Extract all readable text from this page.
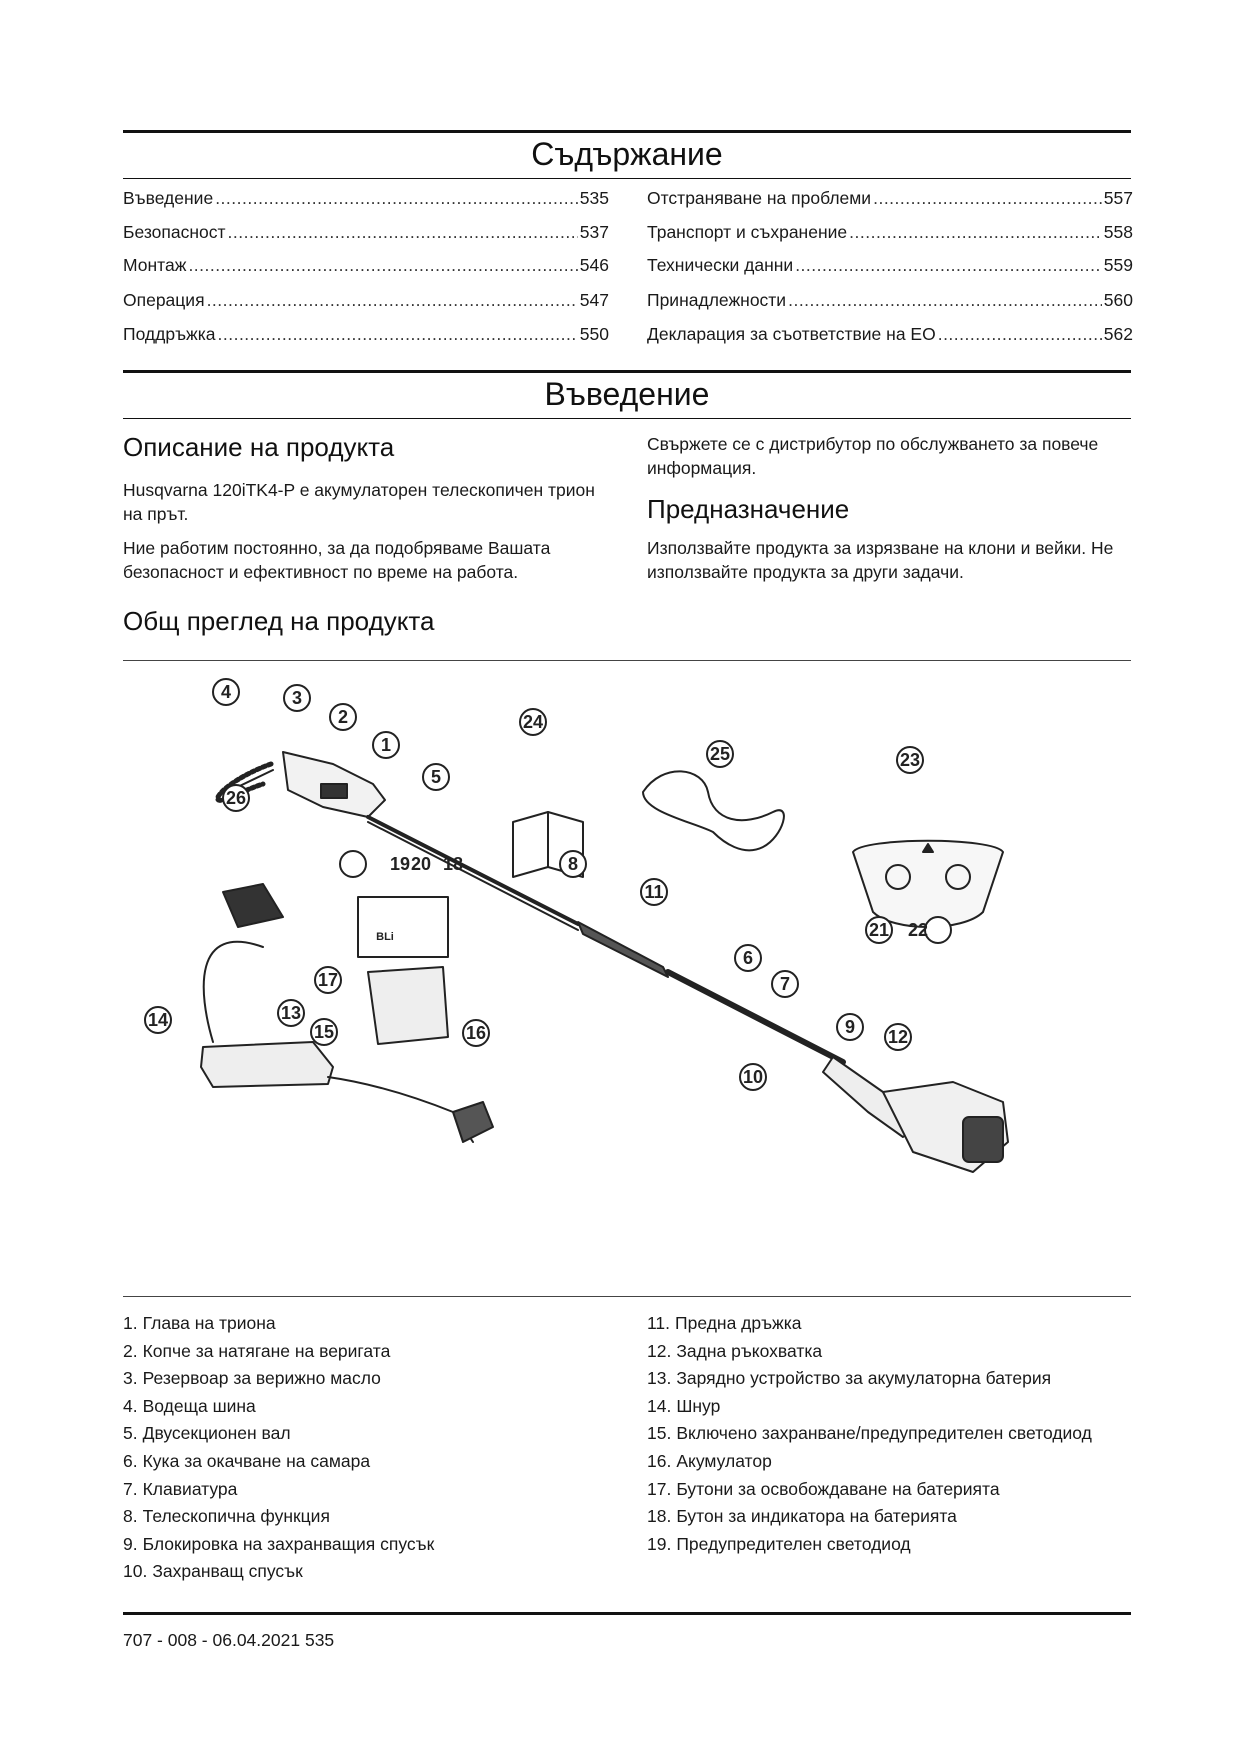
Съдържание
Въведение .....	535
Безопасност .....	537
Монтаж .....	546
Операция .....	547
Поддръжка .....	550
Отстраняване на проблеми .....	557
Транспорт и съхранение .....	558
Технически данни .....	559
Принадлежности .....	560
Декларация за съответствие на ЕО .....	562
Въведение
Описание на продукта
Husqvarna 120iTK4-P е акумулаторен телескопичен трион на прът.
Ние работим постоянно, за да подобряваме Вашата безопасност и ефективност по време на работа.
Свържете се с дистрибутор по обслужването за повече информация.
Предназначение
Използвайте продукта за изрязване на клони и вейки. Не използвайте продукта за други задачи.
Общ преглед на продукта
4	3
2
1
5
24
25	23
26
19 20 18	8
11
21 22
6
7
17
13
14
15	16	9 12
10
BLi
1. Глава на триона
2. Копче за натягане на веригата
3. Резервоар за верижно масло
4. Водеща шина
5. Двусекционен вал
6. Кука за окачване на самара
7. Клавиатура
8. Телескопична функция
9. Блокировка на захранващия спусък
10. Захранващ спусък
11. Предна дръжка
12. Задна ръкохватка
13. Зарядно устройство за акумулаторна батерия
14. Шнур
15. Включено захранване/предупредителен светодиод
16. Акумулатор
17. Бутони за освобождаване на батерията
18. Бутон за индикатора на батерията
19. Предупредителен светодиод
707 - 008 - 06.04.2021 535
